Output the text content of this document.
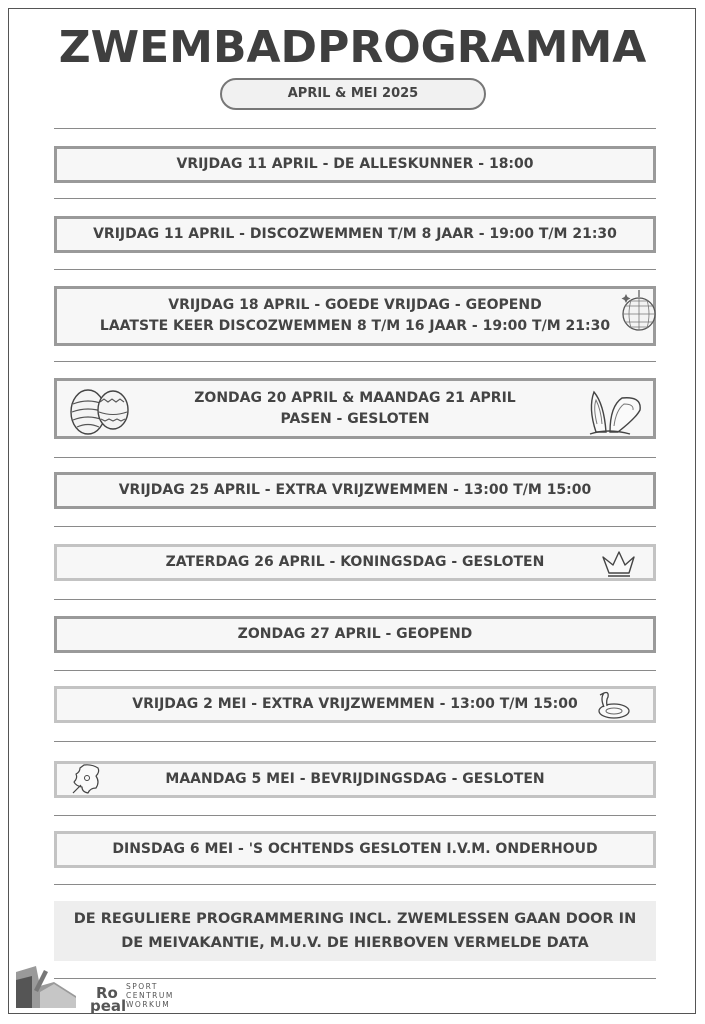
ZWEMBADPROGRAMMA
APRIL & MEI 2025
VRIJDAG 11 APRIL - DE ALLESKUNNER - 18:00
VRIJDAG 11 APRIL - DISCOZWEMMEN T/M 8 JAAR - 19:00 T/M 21:30
VRIJDAG 18 APRIL - GOEDE VRIJDAG - GEOPEND
LAATSTE KEER DISCOZWEMMEN 8 T/M 16 JAAR - 19:00 T/M 21:30
ZONDAG 20 APRIL & MAANDAG 21 APRIL
PASEN - GESLOTEN
VRIJDAG 25 APRIL - EXTRA VRIJZWEMMEN - 13:00 T/M 15:00
ZATERDAG 26 APRIL - KONINGSDAG - GESLOTEN
ZONDAG 27 APRIL - GEOPEND
VRIJDAG 2 MEI - EXTRA VRIJZWEMMEN - 13:00 T/M 15:00
MAANDAG 5 MEI - BEVRIJDINGSDAG - GESLOTEN
DINSDAG 6 MEI - 'S OCHTENDS GESLOTEN I.V.M. ONDERHOUD
DE REGULIERE PROGRAMMERING INCL. ZWEMLESSEN GAAN DOOR IN
DE MEIVAKANTIE, M.U.V. DE HIERBOVEN VERMELDE DATA
Ro
peal
SPORT
CENTRUM
WORKUM
